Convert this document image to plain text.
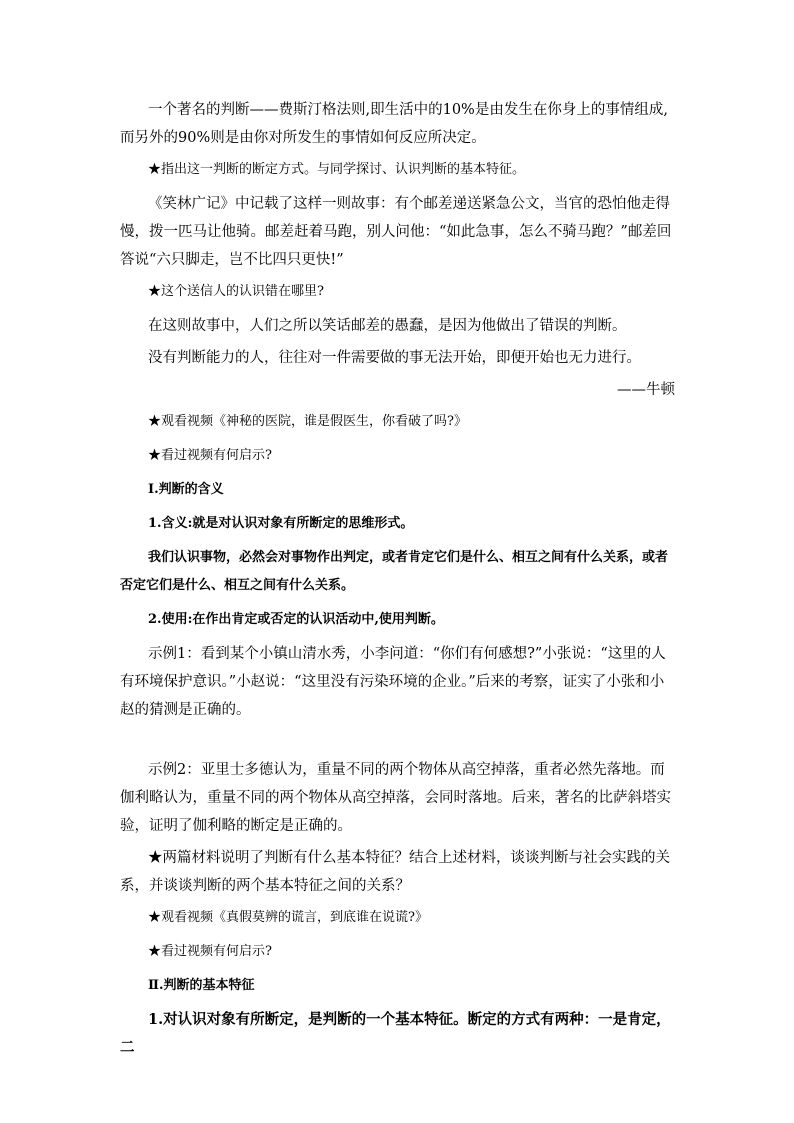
一个著名的判断——费斯汀格法则,即生活中的10%是由发生在你身上的事情组成,而另外的90%则是由你对所发生的事情如何反应所决定。

★指出这一判断的断定方式。与同学探讨、认识判断的基本特征。

《笑林广记》中记载了这样一则故事：有个邮差递送紧急公文，当官的恐怕他走得慢，拨一匹马让他骑。邮差赶着马跑，别人问他：“如此急事，怎么不骑马跑？”邮差回答说“六只脚走，岂不比四只更快!”

★这个送信人的认识错在哪里?

在这则故事中，人们之所以笑话邮差的愚蠢，是因为他做出了错误的判断。

没有判断能力的人，往往对一件需要做的事无法开始，即便开始也无力进行。

——牛顿

★观看视频《神秘的医院，谁是假医生，你看破了吗?》

★看过视频有何启示?

Ⅰ.判断的含义

1.含义:就是对认识对象有所断定的思维形式。

我们认识事物，必然会对事物作出判定，或者肯定它们是什么、相互之间有什么关系，或者否定它们是什么、相互之间有什么关系。

2.使用:在作出肯定或否定的认识活动中,使用判断。

示例1：看到某个小镇山清水秀，小李问道：“你们有何感想?”小张说：“这里的人有环境保护意识。”小赵说：“这里没有污染环境的企业。”后来的考察，证实了小张和小赵的猜测是正确的。

示例2：亚里士多德认为，重量不同的两个物体从高空掉落，重者必然先落地。而伽利略认为，重量不同的两个物体从高空掉落，会同时落地。后来，著名的比萨斜塔实验，证明了伽利略的断定是正确的。

★两篇材料说明了判断有什么基本特征？结合上述材料，谈谈判断与社会实践的关系，并谈谈判断的两个基本特征之间的关系？

★观看视频《真假莫辨的谎言，到底谁在说谎?》

★看过视频有何启示?

Ⅱ.判断的基本特征

1.对认识对象有所断定，是判断的一个基本特征。断定的方式有两种：一是肯定，二
